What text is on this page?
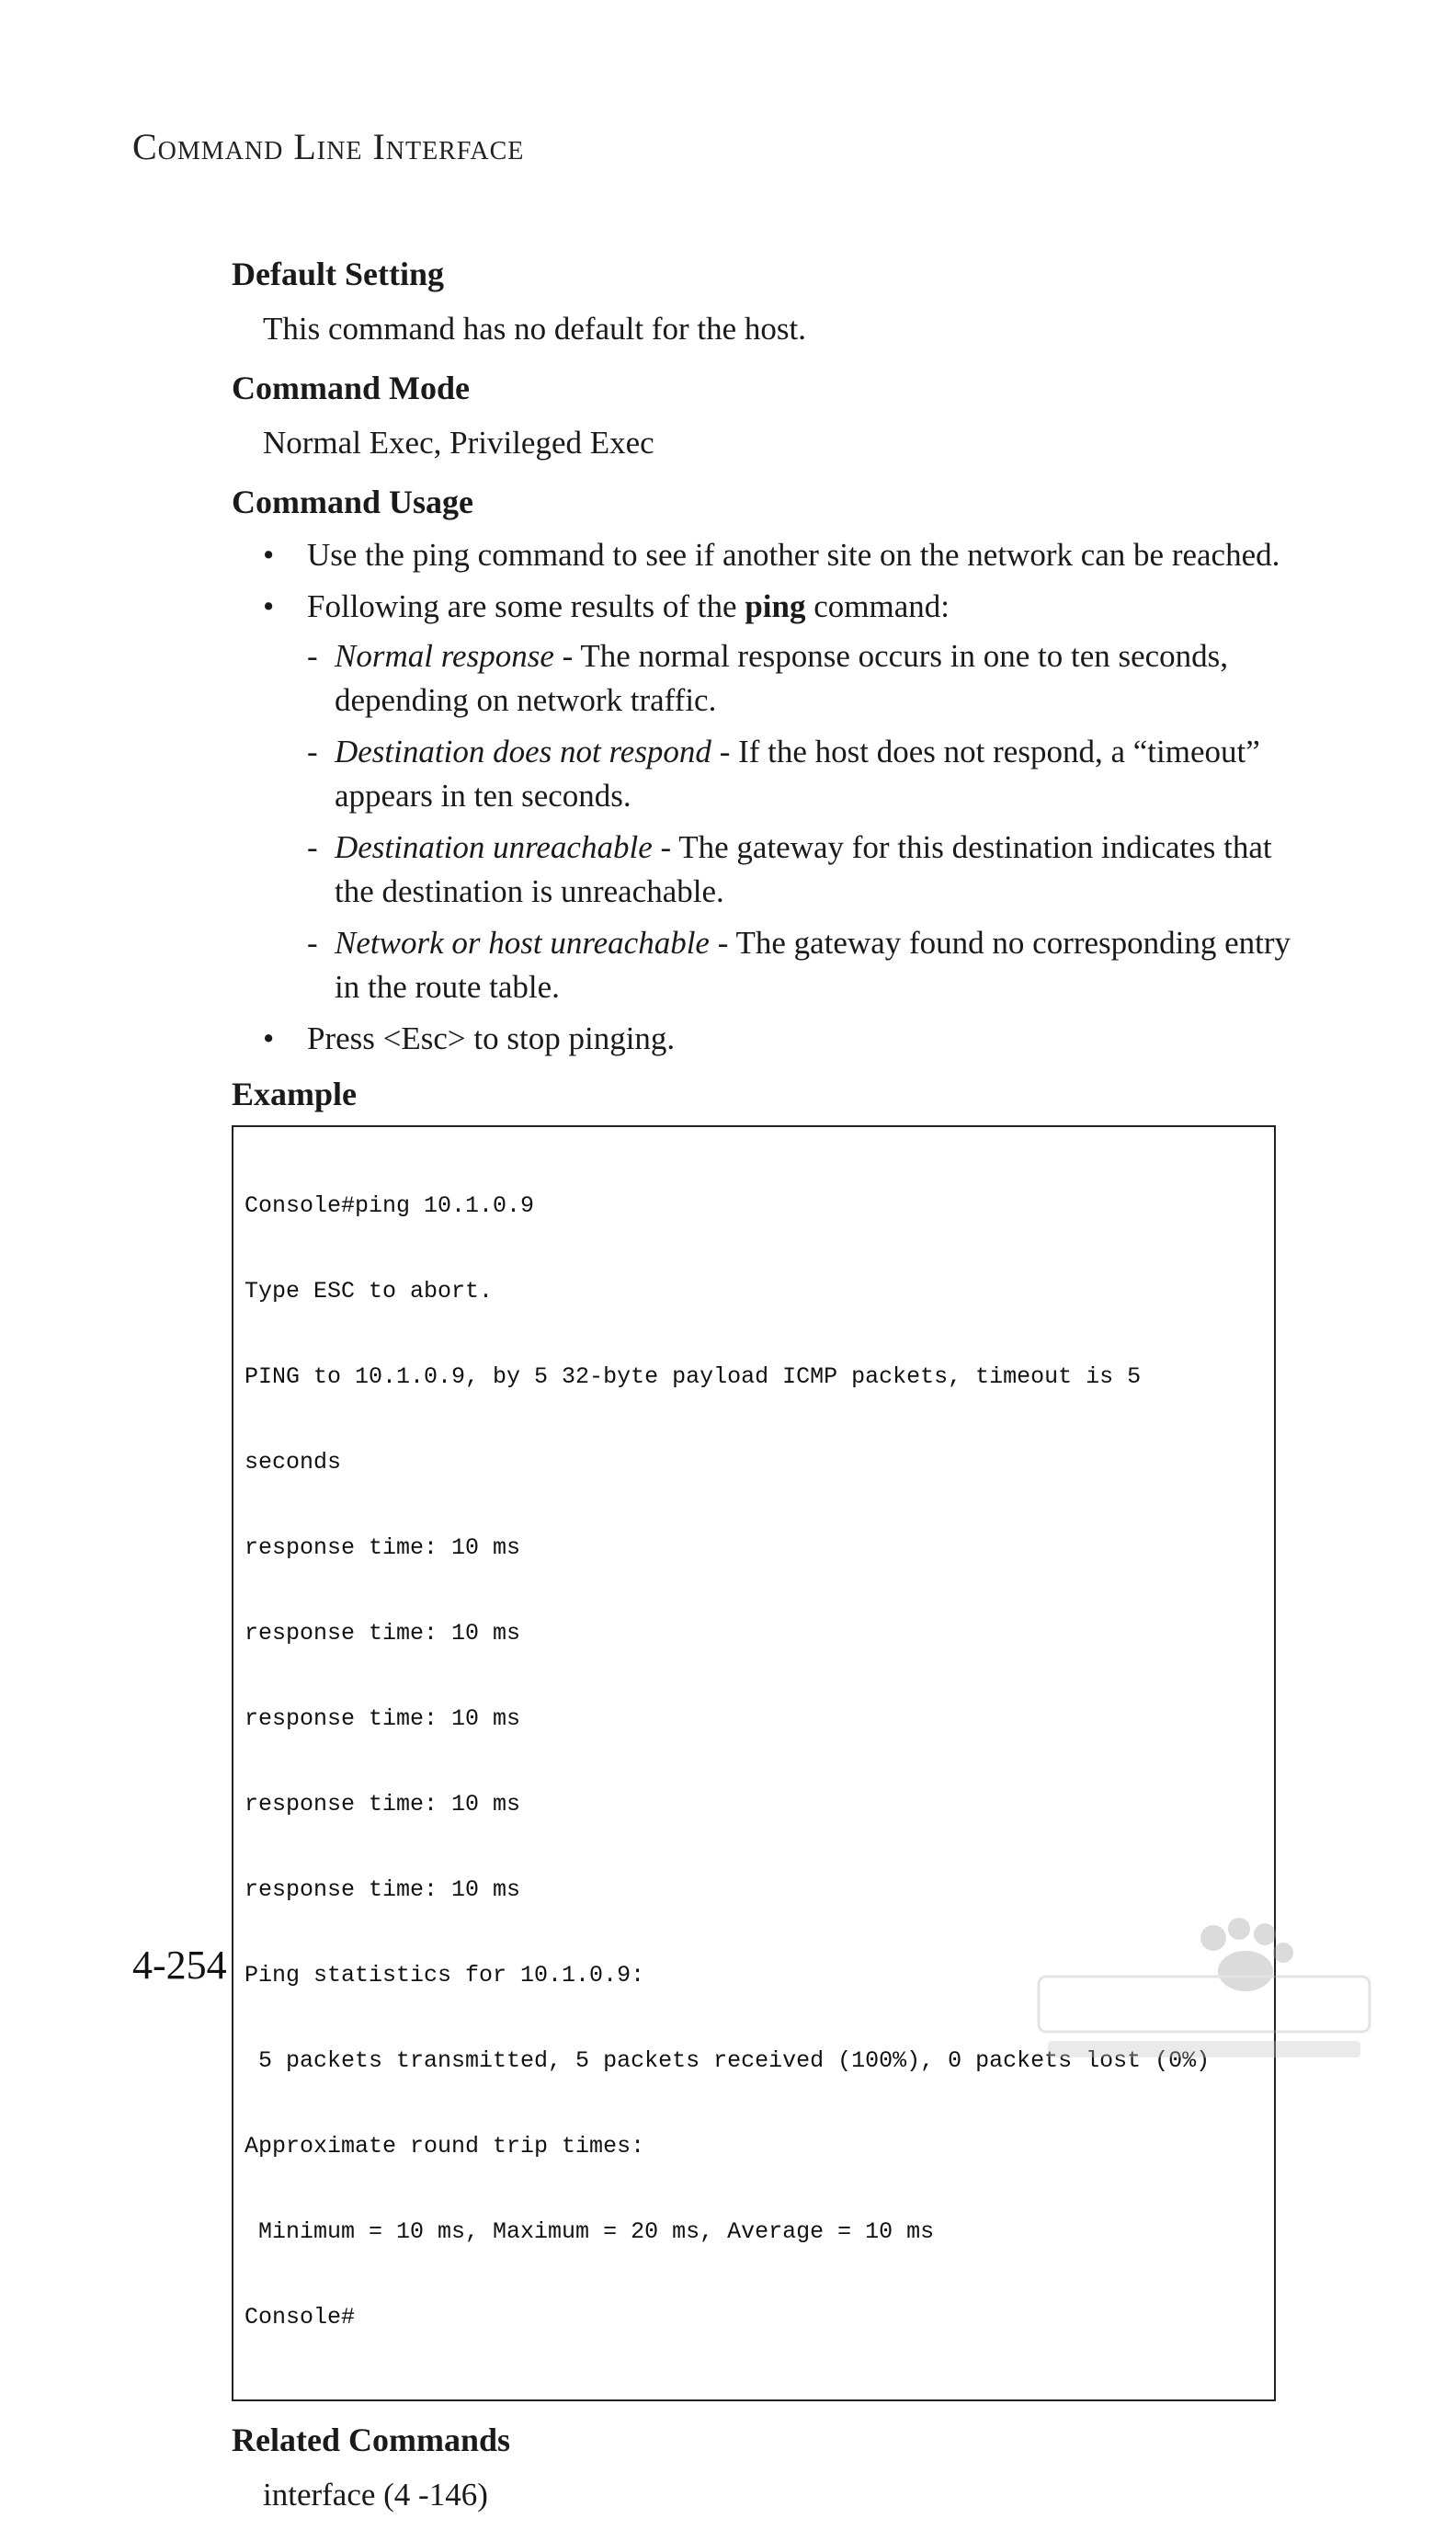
Command Line Interface
Default Setting
This command has no default for the host.
Command Mode
Normal Exec, Privileged Exec
Command Usage
• Use the ping command to see if another site on the network can be reached.
• Following are some results of the ping command:
- Normal response - The normal response occurs in one to ten seconds, depending on network traffic.
- Destination does not respond - If the host does not respond, a “timeout” appears in ten seconds.
- Destination unreachable - The gateway for this destination indicates that the destination is unreachable.
- Network or host unreachable - The gateway found no corresponding entry in the route table.
• Press <Esc> to stop pinging.
Example

Console#ping 10.1.0.9

Type ESC to abort.

PING to 10.1.0.9, by 5 32-byte payload ICMP packets, timeout is 5

seconds

response time: 10 ms

response time: 10 ms

response time: 10 ms

response time: 10 ms

response time: 10 ms

Ping statistics for 10.1.0.9:

5 packets transmitted, 5 packets received (100%), 0 packets lost (0%)

Approximate round trip times:

Minimum = 10 ms, Maximum = 20 ms, Average = 10 ms

Console#

Related Commands
interface (4 -146)
4-254
